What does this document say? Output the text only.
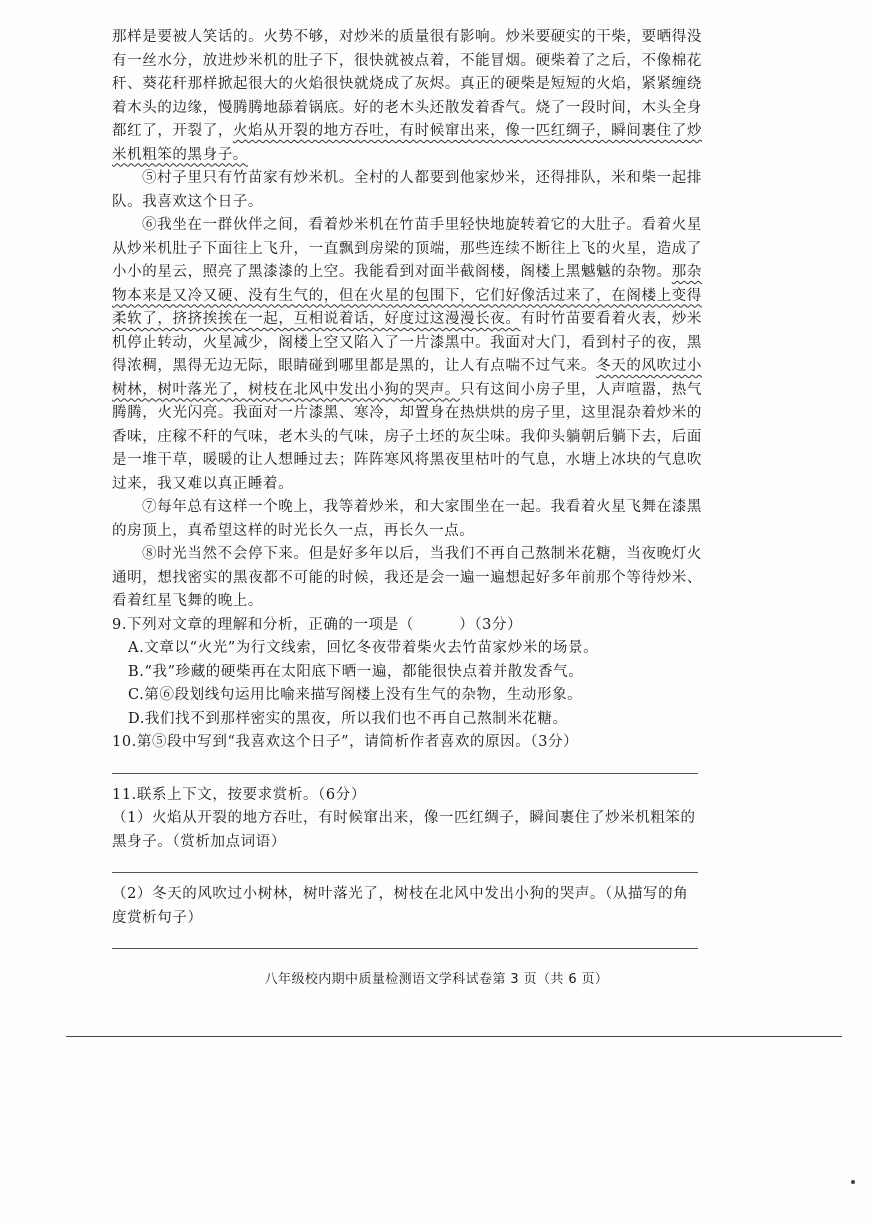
那样是要被人笑话的。火势不够，对炒米的质量很有影响。炒米要硬实的干柴，要晒得没有一丝水分，放进炒米机的肚子下，很快就被点着，不能冒烟。硬柴着了之后，不像棉花秆、葵花秆那样掀起很大的火焰很快就烧成了灰烬。真正的硬柴是短短的火焰，紧紧缠绕着木头的边缘，慢腾腾地舔着锅底。好的老木头还散发着香气。烧了一段时间，木头全身都红了，开裂了，火焰从开裂的地方吞吐，有时候窜出来，像一匹红绸子，瞬间裹住了炒米机粗笨的黑身子。

⑤村子里只有竹苗家有炒米机。全村的人都要到他家炒米，还得排队，米和柴一起排队。我喜欢这个日子。

⑥我坐在一群伙伴之间，看着炒米机在竹苗手里轻快地旋转着它的大肚子。看着火星从炒米机肚子下面往上飞升，一直飘到房梁的顶端，那些连续不断往上飞的火星，造成了小小的星云，照亮了黑漆漆的上空。我能看到对面半截阁楼，阁楼上黑魆魆的杂物。那杂物本来是又冷又硬、没有生气的，但在火星的包围下，它们好像活过来了，在阁楼上变得柔软了，挤挤挨挨在一起，互相说着话，好度过这漫漫长夜。有时竹苗要看着火表，炒米机停止转动，火星减少，阁楼上空又陷入了一片漆黑中。我面对大门，看到村子的夜，黑得浓稠，黑得无边无际，眼睛碰到哪里都是黑的，让人有点喘不过气来。冬天的风吹过小树林，树叶落光了，树枝在北风中发出小狗的哭声。只有这间小房子里，人声喧嚣，热气腾腾，火光闪亮。我面对一片漆黑、寒冷，却置身在热烘烘的房子里，这里混杂着炒米的香味，庄稼不秆的气味，老木头的气味，房子土坯的灰尘味。我仰头躺朝后躺下去，后面是一堆干草，暖暖的让人想睡过去；阵阵寒风将黑夜里枯叶的气息，水塘上冰块的气息吹过来，我又难以真正睡着。

⑦每年总有这样一个晚上，我等着炒米，和大家围坐在一起。我看着火星飞舞在漆黑的房顶上，真希望这样的时光长久一点，再长久一点。

⑧时光当然不会停下来。但是好多年以后，当我们不再自己熬制米花糖，当夜晚灯火通明，想找密实的黑夜都不可能的时候，我还是会一遍一遍想起好多年前那个等待炒米、看着红星飞舞的晚上。

9.下列对文章的理解和分析，正确的一项是（　　　）（3分）

A.文章以“火光”为行文线索，回忆冬夜带着柴火去竹苗家炒米的场景。

B.“我”珍藏的硬柴再在太阳底下晒一遍，都能很快点着并散发香气。

C.第⑥段划线句运用比喻来描写阁楼上没有生气的杂物，生动形象。

D.我们找不到那样密实的黑夜，所以我们也不再自己熬制米花糖。

10.第⑤段中写到“我喜欢这个日子”，请简析作者喜欢的原因。（3分）

11.联系上下文，按要求赏析。（6分）

（1）火焰从开裂的地方吞吐，有时候窜出来，像一匹红绸子，瞬间裹住了炒米机粗笨的黑身子。（赏析加点词语）

（2）冬天的风吹过小树林，树叶落光了，树枝在北风中发出小狗的哭声。（从描写的角度赏析句子）

八年级校内期中质量检测语文学科试卷第 3 页（共 6 页）
